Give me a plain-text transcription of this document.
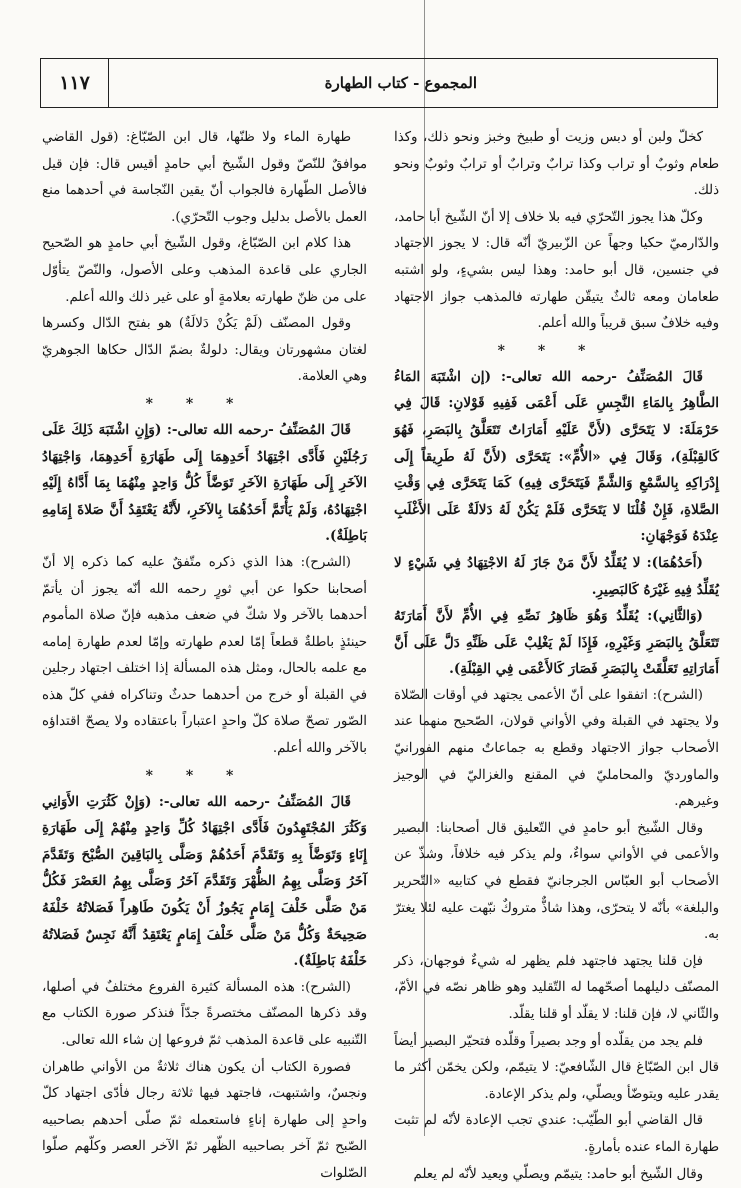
١١٧	المجموع - كتاب الطهارة

كخلّ ولبن أو دبس وزيت أو طبيخ وخبز ونحو ذلك، وكذا طعام وثوبٌ أو تراب وكذا ترابٌ وترابٌ أو ترابٌ وثوبٌ ونحو ذلك.

وكلّ هذا يجوز التّحرّي فيه بلا خلاف إلا أنّ الشّيخ أبا حامد، والدّارميّ حكيا وجهاً عن الزّبيريّ أنّه قال: لا يجوز الاجتهاد في جنسين، قال أبو حامد: وهذا ليس بشيءٍ، ولو اشتبه طعامان ومعه ثالثٌ يتيقّن طهارته فالمذهب جواز الاجتهاد وفيه خلافٌ سبق قريباً والله أعلم.

* * *

قَالَ المُصَنِّفُ -رحمه الله تعالى-: (إن اشْتَبَهَ المَاءُ الطَّاهِرُ بِالمَاءِ النَّجِسِ عَلَى أَعْمَى فَفِيهِ قَوْلانِ: قَالَ فِي حَرْمَلَةَ: لا يَتَحَرَّى (لأَنَّ عَلَيْهِ أَمَارَاتٌ تَتَعَلَّقُ بِالبَصَرِ، فَهُوَ كَالقِبْلَةِ)، وَقَالَ فِي «الأُمِّ»: يَتَحَرَّى (لأَنَّ لَهُ طَرِيقاً إِلَى إِدْرَاكِهِ بِالسَّمْعِ وَالشَّمِّ فَيَتَحَرَّى فِيهِ) كَمَا يَتَحَرَّى فِي وَقْتِ الصَّلاةِ، فَإِنْ قُلْنَا لا يَتَحَرَّى فَلَمْ يَكُنْ لَهُ دَلالَةٌ عَلَى الأَغْلَبِ عِنْدَهُ فَوَجْهَانِ:

(أَحَدُهُمَا): لا يُقَلِّدُ لأَنَّ مَنْ جَازَ لَهُ الاجْتِهَادُ فِي شَيْءٍ لا يُقَلِّدُ فِيهِ غَيْرَهُ كَالبَصِيرِ.

(وَالثَّانِي): يُقَلِّدُ وَهُوَ ظَاهِرُ نَصِّهِ فِي الأُمِّ لأَنَّ أَمَارَتَهُ تَتَعَلَّقُ بِالبَصَرِ وَغَيْرِهِ، فَإِذَا لَمْ يَغْلِبْ عَلَى ظَنِّهِ دَلَّ عَلَى أَنَّ أَمَارَاتِهِ تَعَلَّقَتْ بِالبَصَرِ فَصَارَ كَالأَعْمَى فِي القِبْلَةِ).

(الشرح): اتفقوا على أنّ الأعمى يجتهد في أوقات الصّلاة ولا يجتهد في القبلة وفي الأواني قولان، الصّحيح منهما عند الأصحاب جواز الاجتهاد وقطع به جماعاتٌ منهم الفورانيّ والماورديّ والمحامليّ في المقنع والغزاليّ في الوجيز وغيرهم.

وقال الشّيخ أبو حامدٍ في التّعليق قال أصحابنا: البصير والأعمى في الأواني سواءٌ، ولم يذكر فيه خلافاً، وشذّ عن الأصحاب أبو العبّاس الجرجانيّ فقطع في كتابيه «التّحرير والبلغة» بأنّه لا يتحرّى، وهذا شاذٌّ متروكٌ نبّهت عليه لئلا يغترّ به.

فإن قلنا يجتهد فاجتهد فلم يظهر له شيءٌ فوجهان، ذكر المصنّف دليلهما أصحّهما له التّقليد وهو ظاهر نصّه في الأمّ، والثّاني لا، فإن قلنا: لا يقلّد أو قلنا يقلّد.

فلم يجد من يقلّده أو وجد بصيراً وقلّده فتحيّر البصير أيضاً قال ابن الصّبّاغ قال الشّافعيّ: لا يتيمّم، ولكن يخمّن أكثر ما يقدر عليه ويتوضّأ ويصلّي، ولم يذكر الإعادة.

قال القاضي أبو الطّيّب: عندي تجب الإعادة لأنّه لم تثبت طهارة الماء عنده بأمارةٍ.

وقال الشّيخ أبو حامد: يتيمّم ويصلّي ويعيد لأنّه لم يعلم

طهارة الماء ولا ظنّها، قال ابن الصّبّاغ: (قول القاضي موافقٌ للنّصّ وقول الشّيخ أبي حامدٍ أقيس قال: فإن قيل فالأصل الطّهارة فالجواب أنّ يقين النّجاسة في أحدهما منع العمل بالأصل بدليل وجوب التّحرّي).

هذا كلام ابن الصّبّاغ، وقول الشّيخ أبي حامدٍ هو الصّحيح الجاري على قاعدة المذهب وعلى الأصول، والنّصّ يتأوّل على من ظنّ طهارته بعلامةٍ أو على غير ذلك والله أعلم.

وقول المصنّف (لَمْ يَكُنْ دَلالَةٌ) هو بفتح الدّال وكسرها لغتان مشهورتان ويقال: دلولةٌ بضمّ الدّال حكاها الجوهريّ وهي العلامة.

* * *

قَالَ المُصَنِّفُ -رحمه الله تعالى-: (وَإِنِ اشْتَبَهَ ذَلِكَ عَلَى رَجُلَيْنِ فَأَدَّى اجْتِهَادُ أَحَدِهِمَا إِلَى طَهَارَةِ أَحَدِهِمَا، وَاجْتِهَادُ الآخَرِ إِلَى طَهَارَةِ الآخَرِ تَوَضَّأَ كُلُّ وَاحِدٍ مِنْهُمَا بِمَا أَدَّاهُ إِلَيْهِ اجْتِهَادُهُ، وَلَمْ يَأْتَمَّ أَحَدُهُمَا بِالآخَرِ، لأَنَّهُ يَعْتَقِدُ أَنَّ صَلاةَ إِمَامِهِ بَاطِلَةٌ).

(الشرح): هذا الذي ذكره متّفقٌ عليه كما ذكره إلا أنّ أصحابنا حكوا عن أبي ثورٍ رحمه الله أنّه يجوز أن يأتمّ أحدهما بالآخر ولا شكّ في ضعف مذهبه فإنّ صلاة المأموم حينئذٍ باطلةٌ قطعاً إمّا لعدم طهارته وإمّا لعدم طهارة إمامه مع علمه بالحال، ومثل هذه المسألة إذا اختلف اجتهاد رجلين في القبلة أو خرج من أحدهما حدثٌ وتناكراه ففي كلّ هذه الصّور تصحّ صلاة كلّ واحدٍ اعتباراً باعتقاده ولا يصحّ اقتداؤه بالآخر والله أعلم.

* * *

قَالَ المُصَنِّفُ -رحمه الله تعالى-: (وَإِنْ كَثُرَتِ الأَوَانِي وَكَثُرَ المُجْتَهِدُونَ فَأَدَّى اجْتِهَادُ كُلِّ وَاحِدٍ مِنْهُمْ إِلَى طَهَارَةِ إِنَاءٍ وَتَوَضَّأَ بِهِ وَتَقَدَّمَ أَحَدُهُمْ وَصَلَّى بِالبَاقِينَ الصُّبْحَ وَتَقَدَّمَ آخَرُ وَصَلَّى بِهِمُ الظُّهْرَ وَتَقَدَّمَ آخَرُ وَصَلَّى بِهِمُ العَصْرَ فَكُلُّ مَنْ صَلَّى خَلْفَ إِمَامٍ يَجُوزُ أَنْ يَكُونَ طَاهِراً فَصَلاتُهُ خَلْفَهُ صَحِيحَةٌ وَكُلُّ مَنْ صَلَّى خَلْفَ إِمَامٍ يَعْتَقِدُ أَنَّهُ نَجِسٌ فَصَلاتُهُ خَلْفَهُ بَاطِلَةٌ).

(الشرح): هذه المسألة كثيرة الفروع مختلفٌ في أصلها، وقد ذكرها المصنّف مختصرةً جدّاً فنذكر صورة الكتاب مع التّنبيه على قاعدة المذهب ثمّ فروعها إن شاء الله تعالى.

فصورة الكتاب أن يكون هناك ثلاثةٌ من الأواني طاهران ونجسٌ، واشتبهت، فاجتهد فيها ثلاثة رجال فأدّى اجتهاد كلّ واحدٍ إلى طهارة إناءٍ فاستعمله ثمّ صلّى أحدهم بصاحبيه الصّبح ثمّ آخر بصاحبيه الظّهر ثمّ الآخر العصر وكلّهم صلّوا الصّلوات
